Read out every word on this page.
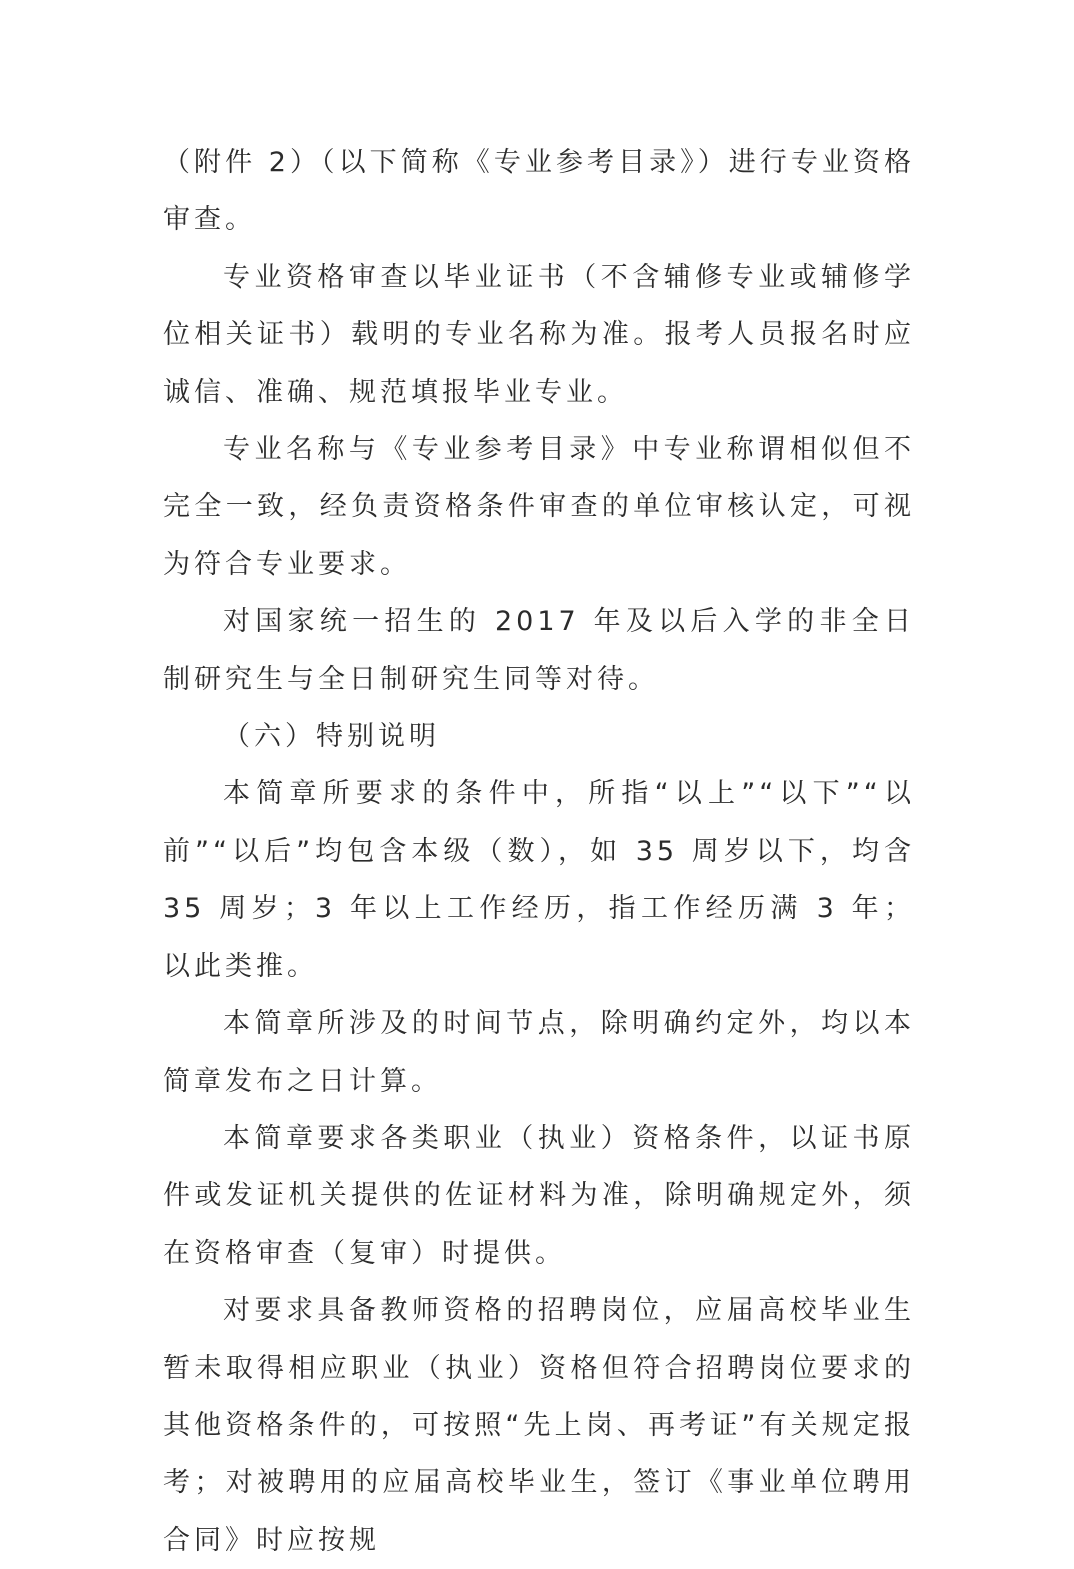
（附件 2）（以下简称《专业参考目录》）进行专业资格审查。

专业资格审查以毕业证书（不含辅修专业或辅修学位相关证书）载明的专业名称为准。报考人员报名时应诚信、准确、规范填报毕业专业。

专业名称与《专业参考目录》中专业称谓相似但不完全一致，经负责资格条件审查的单位审核认定，可视为符合专业要求。

对国家统一招生的 2017 年及以后入学的非全日制研究生与全日制研究生同等对待。

（六）特别说明

本简章所要求的条件中，所指“以上”“以下”“以前”“以后”均包含本级（数），如 35 周岁以下，均含 35 周岁；3 年以上工作经历，指工作经历满 3 年；以此类推。

本简章所涉及的时间节点，除明确约定外，均以本简章发布之日计算。

本简章要求各类职业（执业）资格条件，以证书原件或发证机关提供的佐证材料为准，除明确规定外，须在资格审查（复审）时提供。

对要求具备教师资格的招聘岗位，应届高校毕业生暂未取得相应职业（执业）资格但符合招聘岗位要求的其他资格条件的，可按照“先上岗、再考证”有关规定报考；对被聘用的应届高校毕业生，签订《事业单位聘用合同》时应按规
